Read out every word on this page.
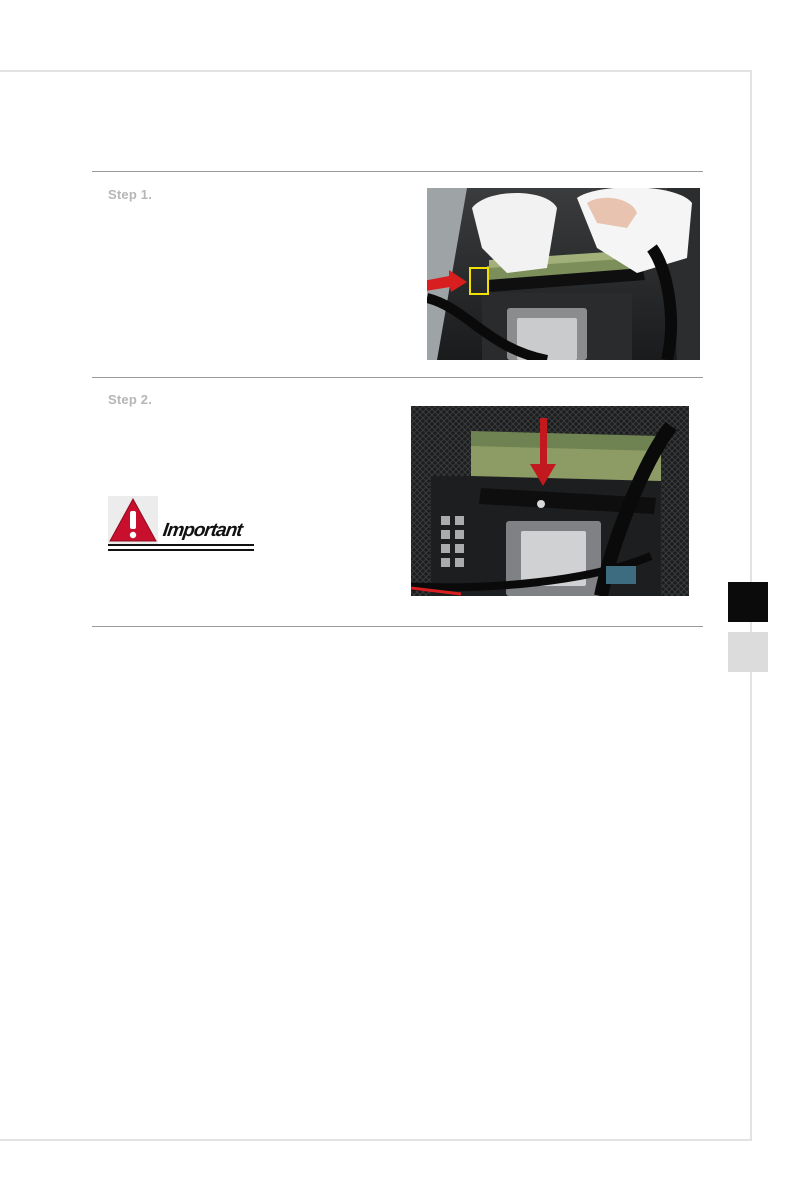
Step 1.
Step 2.
Important
